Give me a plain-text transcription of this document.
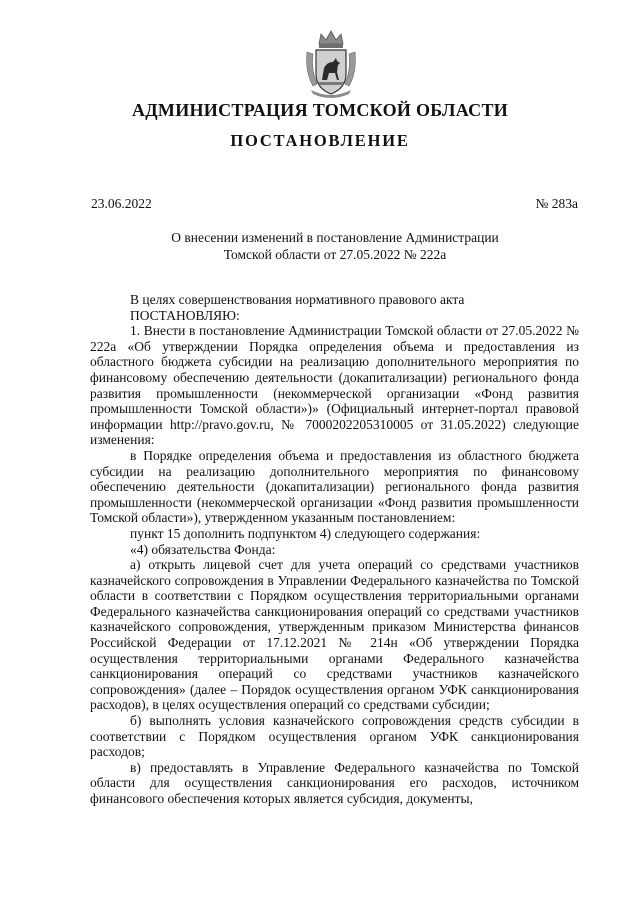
АДМИНИСТРАЦИЯ ТОМСКОЙ ОБЛАСТИ
ПОСТАНОВЛЕНИЕ
23.06.2022	№ 283а
О внесении изменений в постановление Администрации
Томской области от 27.05.2022 № 222а

В целях совершенствования нормативного правового акта

ПОСТАНОВЛЯЮ:

1. Внести в постановление Администрации Томской области от 27.05.2022 № 222а «Об утверждении Порядка определения объема и предоставления из областного бюджета субсидии на реализацию дополнительного мероприятия по финансовому обеспечению деятельности (докапитализации) регионального фонда развития промышленности (некоммерческой организации «Фонд развития промышленности Томской области»)» (Официальный интернет-портал правовой информации http://pravo.gov.ru, № 7000202205310005 от 31.05.2022) следующие изменения:

в Порядке определения объема и предоставления из областного бюджета субсидии на реализацию дополнительного мероприятия по финансовому обеспечению деятельности (докапитализации) регионального фонда развития промышленности (некоммерческой организации «Фонд развития промышленности Томской области»), утвержденном указанным постановлением:

пункт 15 дополнить подпунктом 4) следующего содержания:

«4) обязательства Фонда:

а) открыть лицевой счет для учета операций со средствами участников казначейского сопровождения в Управлении Федерального казначейства по Томской области в соответствии с Порядком осуществления территориальными органами Федерального казначейства санкционирования операций со средствами участников казначейского сопровождения, утвержденным приказом Министерства финансов Российской Федерации от 17.12.2021 № 214н «Об утверждении Порядка осуществления территориальными органами Федерального казначейства санкционирования операций со средствами участников казначейского сопровождения» (далее – Порядок осуществления органом УФК санкционирования расходов), в целях осуществления операций со средствами субсидии;

б) выполнять условия казначейского сопровождения средств субсидии в соответствии с Порядком осуществления органом УФК санкционирования расходов;

в) предоставлять в Управление Федерального казначейства по Томской области для осуществления санкционирования его расходов, источником финансового обеспечения которых является субсидия, документы,
